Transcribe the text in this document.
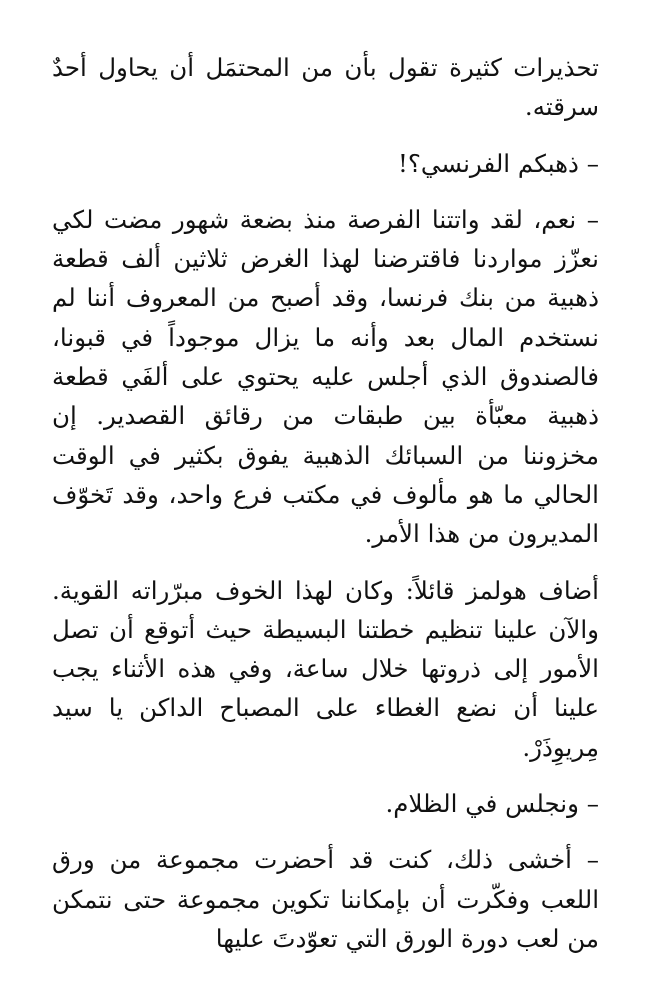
تحذيرات كثيرة تقول بأن من المحتمَل أن يحاول أحدٌ سرقته.

– ذهبكم الفرنسي؟!

– نعم، لقد واتتنا الفرصة منذ بضعة شهور مضت لكي نعزّز مواردنا فاقترضنا لهذا الغرض ثلاثين ألف قطعة ذهبية من بنك فرنسا، وقد أصبح من المعروف أننا لم نستخدم المال بعد وأنه ما يزال موجوداً في قبونا، فالصندوق الذي أجلس عليه يحتوي على ألفَي قطعة ذهبية معبّأة بين طبقات من رقائق القصدير. إن مخزوننا من السبائك الذهبية يفوق بكثير في الوقت الحالي ما هو مألوف في مكتب فرع واحد، وقد تَخوّف المديرون من هذا الأمر.

أضاف هولمز قائلاً: وكان لهذا الخوف مبرّراته القوية. والآن علينا تنظيم خطتنا البسيطة حيث أتوقع أن تصل الأمور إلى ذروتها خلال ساعة، وفي هذه الأثناء يجب علينا أن نضع الغطاء على المصباح الداكن يا سيد مِريوِذَرْ.

– ونجلس في الظلام.

– أخشى ذلك، كنت قد أحضرت مجموعة من ورق اللعب وفكّرت أن بإمكاننا تكوين مجموعة حتى نتمكن من لعب دورة الورق التي تعوّدتَ عليها
